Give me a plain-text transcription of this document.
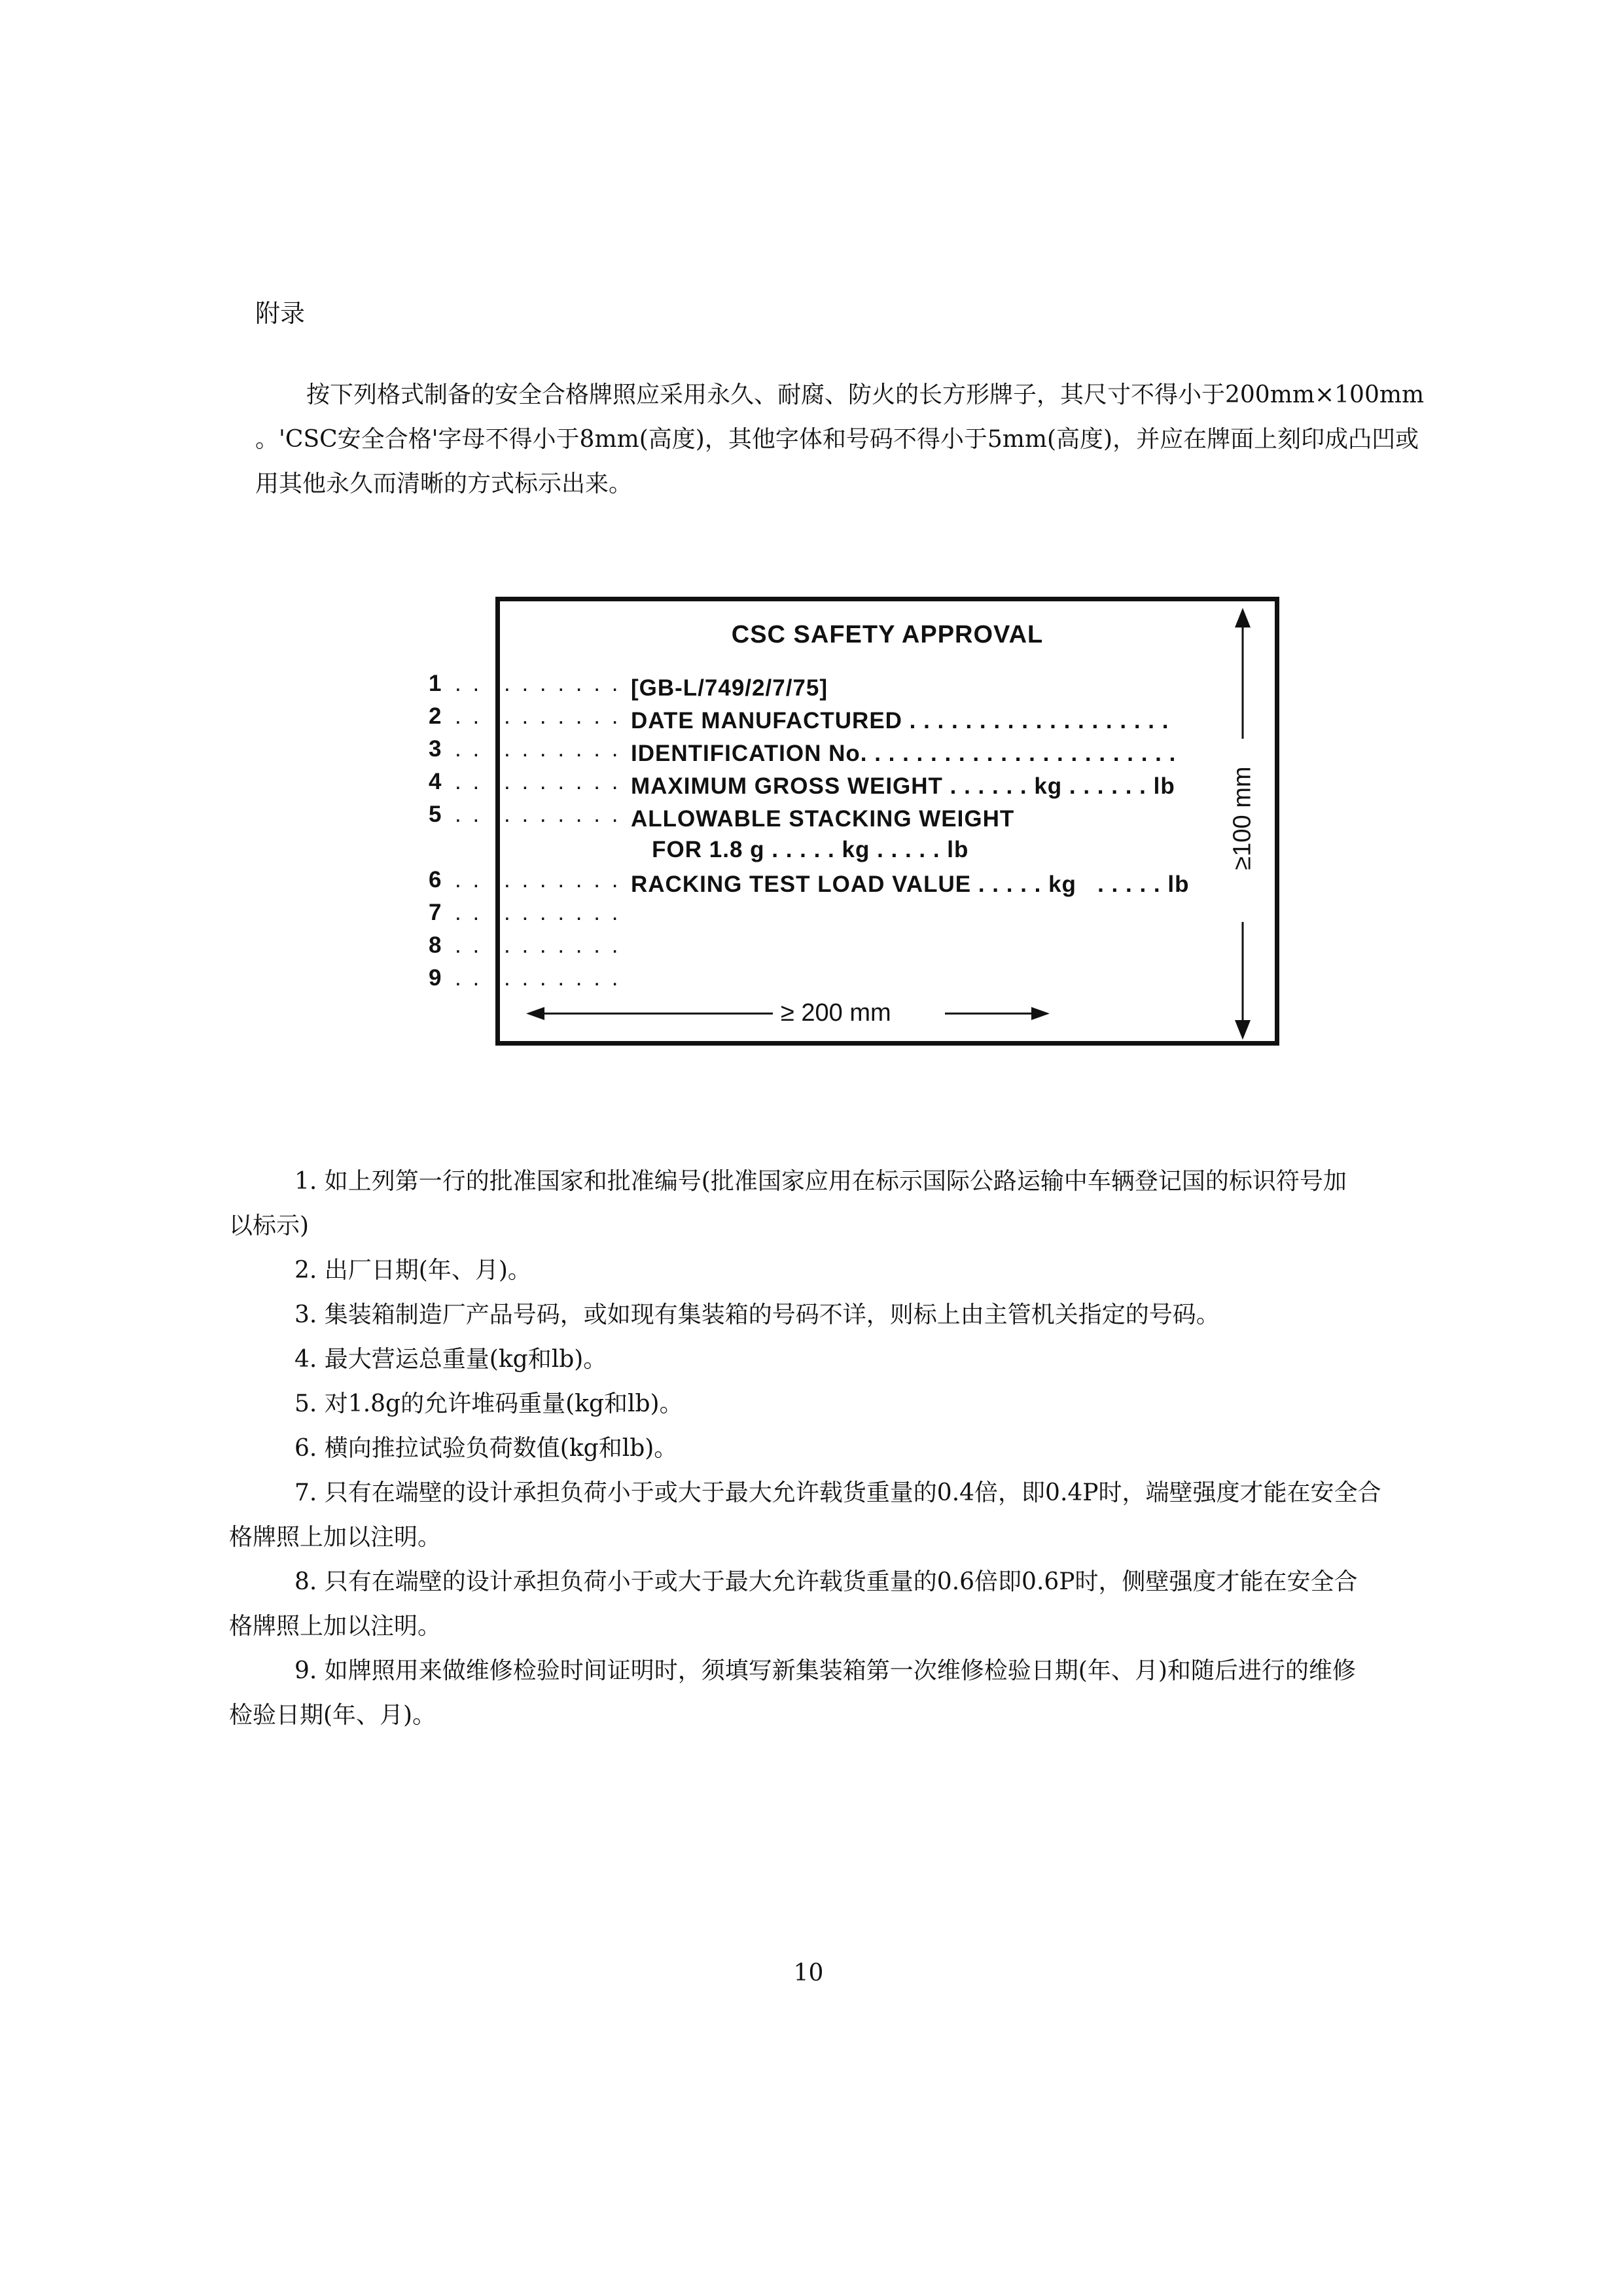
附录
按下列格式制备的安全合格牌照应采用永久、耐腐、防火的长方形牌子，其尺寸不得小于200mm×100mm
。'CSC安全合格'字母不得小于8mm(高度)，其他字体和号码不得小于5mm(高度)，并应在牌面上刻印成凸凹或
用其他永久而清晰的方式标示出来。
1 . . . . . . . . .
2 . . . . . . . . .
3 . . . . . . . . .
4 . . . . . . . . .
5 . . . . . . . . .
6 . . . . . . . . .
7 . . . . . . . . .
8 . . . . . . . . .
9 . . . . . . . . .
CSC SAFETY APPROVAL
[GB-L/749/2/7/75]
DATE MANUFACTURED . . . . . . . . . . . . . . . . . . .
IDENTIFICATION No. . . . . . . . . . . . . . . . . . . . . . .
MAXIMUM GROSS WEIGHT . . . . . . kg . . . . . . lb
ALLOWABLE STACKING WEIGHT
FOR 1.8 g . . . . . kg . . . . . lb
RACKING TEST LOAD VALUE . . . . . kg   . . . . . lb
≥ 200 mm
≥100 mm
1. 如上列第一行的批准国家和批准编号(批准国家应用在标示国际公路运输中车辆登记国的标识符号加
以标示)
2. 出厂日期(年、月)。
3. 集装箱制造厂产品号码，或如现有集装箱的号码不详，则标上由主管机关指定的号码。
4. 最大营运总重量(kg和lb)。
5. 对1.8g的允许堆码重量(kg和lb)。
6. 横向推拉试验负荷数值(kg和lb)。
7. 只有在端壁的设计承担负荷小于或大于最大允许载货重量的0.4倍，即0.4P时，端壁强度才能在安全合
格牌照上加以注明。
8. 只有在端壁的设计承担负荷小于或大于最大允许载货重量的0.6倍即0.6P时，侧壁强度才能在安全合
格牌照上加以注明。
9. 如牌照用来做维修检验时间证明时，须填写新集装箱第一次维修检验日期(年、月)和随后进行的维修
检验日期(年、月)。
10
